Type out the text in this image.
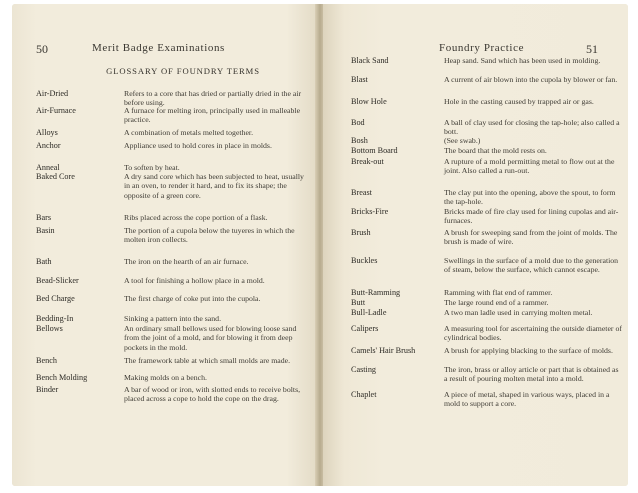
50	Merit Badge Examinations
GLOSSARY OF FOUNDRY TERMS
Air-Dried	Refers to a core that has dried or partially dried in the air before using.
Air-Furnace	A furnace for melting iron, principally used in malleable practice.
Alloys	A combination of metals melted together.
Anchor	Appliance used to hold cores in place in molds.
Anneal	To soften by heat.
Baked Core	A dry sand core which has been subjected to heat, usually in an oven, to render it hard, and to fix its shape; the opposite of a green core.
Bars	Ribs placed across the cope portion of a flask.
Basin	The portion of a cupola below the tuyeres in which the molten iron collects.
Bath	The iron on the hearth of an air furnace.
Bead-Slicker	A tool for finishing a hollow place in a mold.
Bed Charge	The first charge of coke put into the cupola.
Bedding-In	Sinking a pattern into the sand.
Bellows	An ordinary small bellows used for blowing loose sand from the joint of a mold, and for blowing it from deep pockets in the mold.
Bench	The framework table at which small molds are made.
Bench Molding	Making molds on a bench.
Binder	A bar of wood or iron, with slotted ends to receive bolts, placed across a cope to hold the cope on the drag.
Foundry Practice	51
Black Sand	Heap sand. Sand which has been used in molding.
Blast	A current of air blown into the cupola by blower or fan.
Blow Hole	Hole in the casting caused by trapped air or gas.
Bod	A ball of clay used for closing the tap-hole; also called a bott.
Bosh	(See swab.)
Bottom Board	The board that the mold rests on.
Break-out	A rupture of a mold permitting metal to flow out at the joint. Also called a run-out.
Breast	The clay put into the opening, above the spout, to form the tap-hole.
Bricks-Fire	Bricks made of fire clay used for lining cupolas and air-furnaces.
Brush	A brush for sweeping sand from the joint of molds. The brush is made of wire.
Buckles	Swellings in the surface of a mold due to the generation of steam, below the surface, which cannot escape.
Butt-Ramming	Ramming with flat end of rammer.
Butt	The large round end of a rammer.
Bull-Ladle	A two man ladle used in carrying molten metal.
Calipers	A measuring tool for ascertaining the outside diameter of cylindrical bodies.
Camels' Hair Brush	A brush for applying blacking to the surface of molds.
Casting	The iron, brass or alloy article or part that is obtained as a result of pouring molten metal into a mold.
Chaplet	A piece of metal, shaped in various ways, placed in a mold to support a core.
